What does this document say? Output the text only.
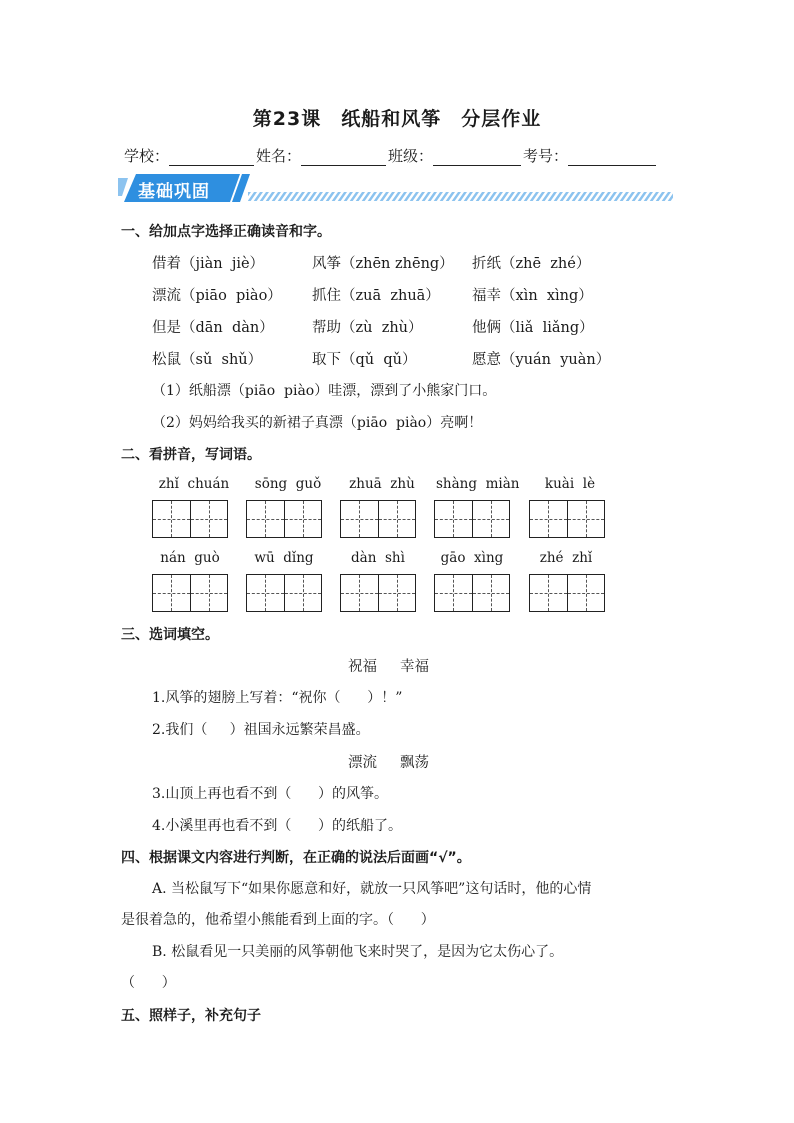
第23课 纸船和风筝 分层作业
学校：	姓名：	班级：	考号：
基础巩固
一、给加点字选择正确读音和字。
借着（jiàn  jiè）	风筝（zhēn zhēng） 折纸（zhē  zhé）
漂流（piāo  piào） 抓住（zuā  zhuā） 福幸（xìn  xìng）
但是（dān  dàn）	帮助（zù  zhù）	他俩（liǎ  liǎng）
松鼠（sǔ  shǔ）	取下（qǔ  qǔ）	愿意（yuán  yuàn）
（1）纸船漂（piāo  piào）哇漂，漂到了小熊家门口。
（2）妈妈给我买的新裙子真漂（piāo  piào）亮啊！
二、看拼音，写词语。
zhǐ  chuán	sōng  guǒ	zhuā  zhù	shàng  miàn	kuài  lè
nán  guò	wū  dǐng	dàn  shì	gāo  xìng	zhé  zhǐ
三、选词填空。
祝福     幸福
1.风筝的翅膀上写着：“祝你（      ）！”
2.我们（     ）祖国永远繁荣昌盛。
漂流     飘荡
3.山顶上再也看不到（      ）的风筝。
4.小溪里再也看不到（      ）的纸船了。
四、根据课文内容进行判断，在正确的说法后面画“√”。
A. 当松鼠写下“如果你愿意和好，就放一只风筝吧”这句话时，他的心情
是很着急的，他希望小熊能看到上面的字。（      ）
B. 松鼠看见一只美丽的风筝朝他飞来时哭了，是因为它太伤心了。
（      ）
五、照样子，补充句子
